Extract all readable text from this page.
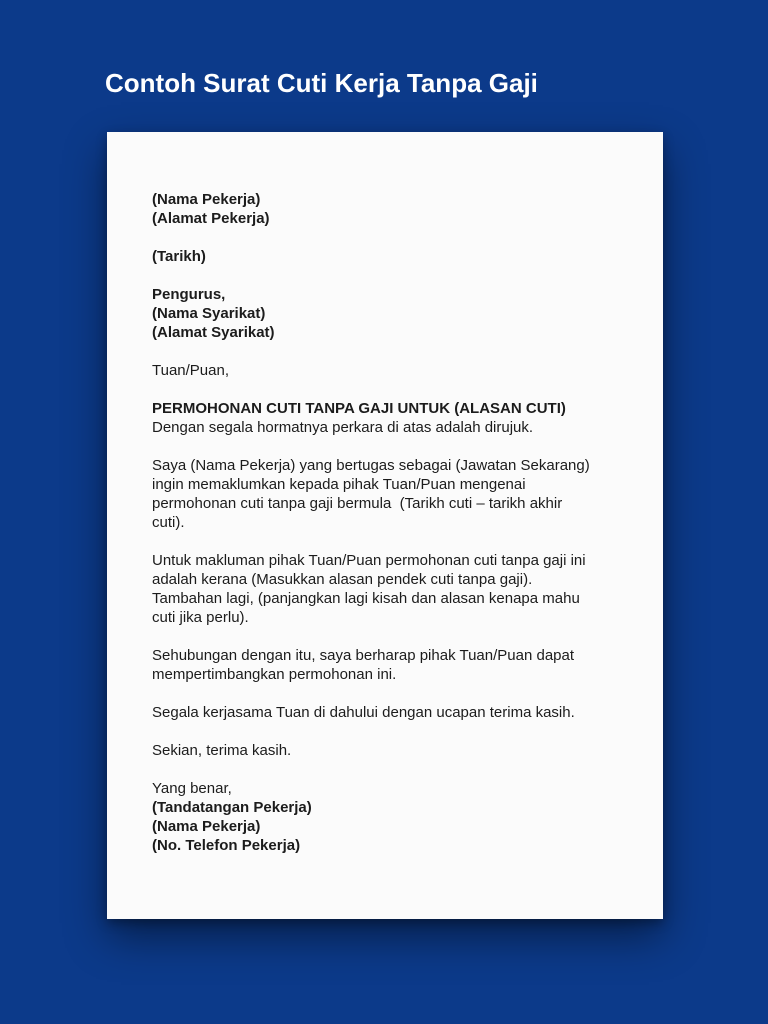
Contoh Surat Cuti Kerja Tanpa Gaji
(Nama Pekerja)
(Alamat Pekerja)
(Tarikh)
Pengurus,
(Nama Syarikat)
(Alamat Syarikat)
Tuan/Puan,
PERMOHONAN CUTI TANPA GAJI UNTUK (ALASAN CUTI)
Dengan segala hormatnya perkara di atas adalah dirujuk.
Saya (Nama Pekerja) yang bertugas sebagai (Jawatan Sekarang)
ingin memaklumkan kepada pihak Tuan/Puan mengenai
permohonan cuti tanpa gaji bermula  (Tarikh cuti – tarikh akhir
cuti).
Untuk makluman pihak Tuan/Puan permohonan cuti tanpa gaji ini
adalah kerana (Masukkan alasan pendek cuti tanpa gaji).
Tambahan lagi, (panjangkan lagi kisah dan alasan kenapa mahu
cuti jika perlu).
Sehubungan dengan itu, saya berharap pihak Tuan/Puan dapat
mempertimbangkan permohonan ini.
Segala kerjasama Tuan di dahului dengan ucapan terima kasih.
Sekian, terima kasih.
Yang benar,
(Tandatangan Pekerja)
(Nama Pekerja)
(No. Telefon Pekerja)
